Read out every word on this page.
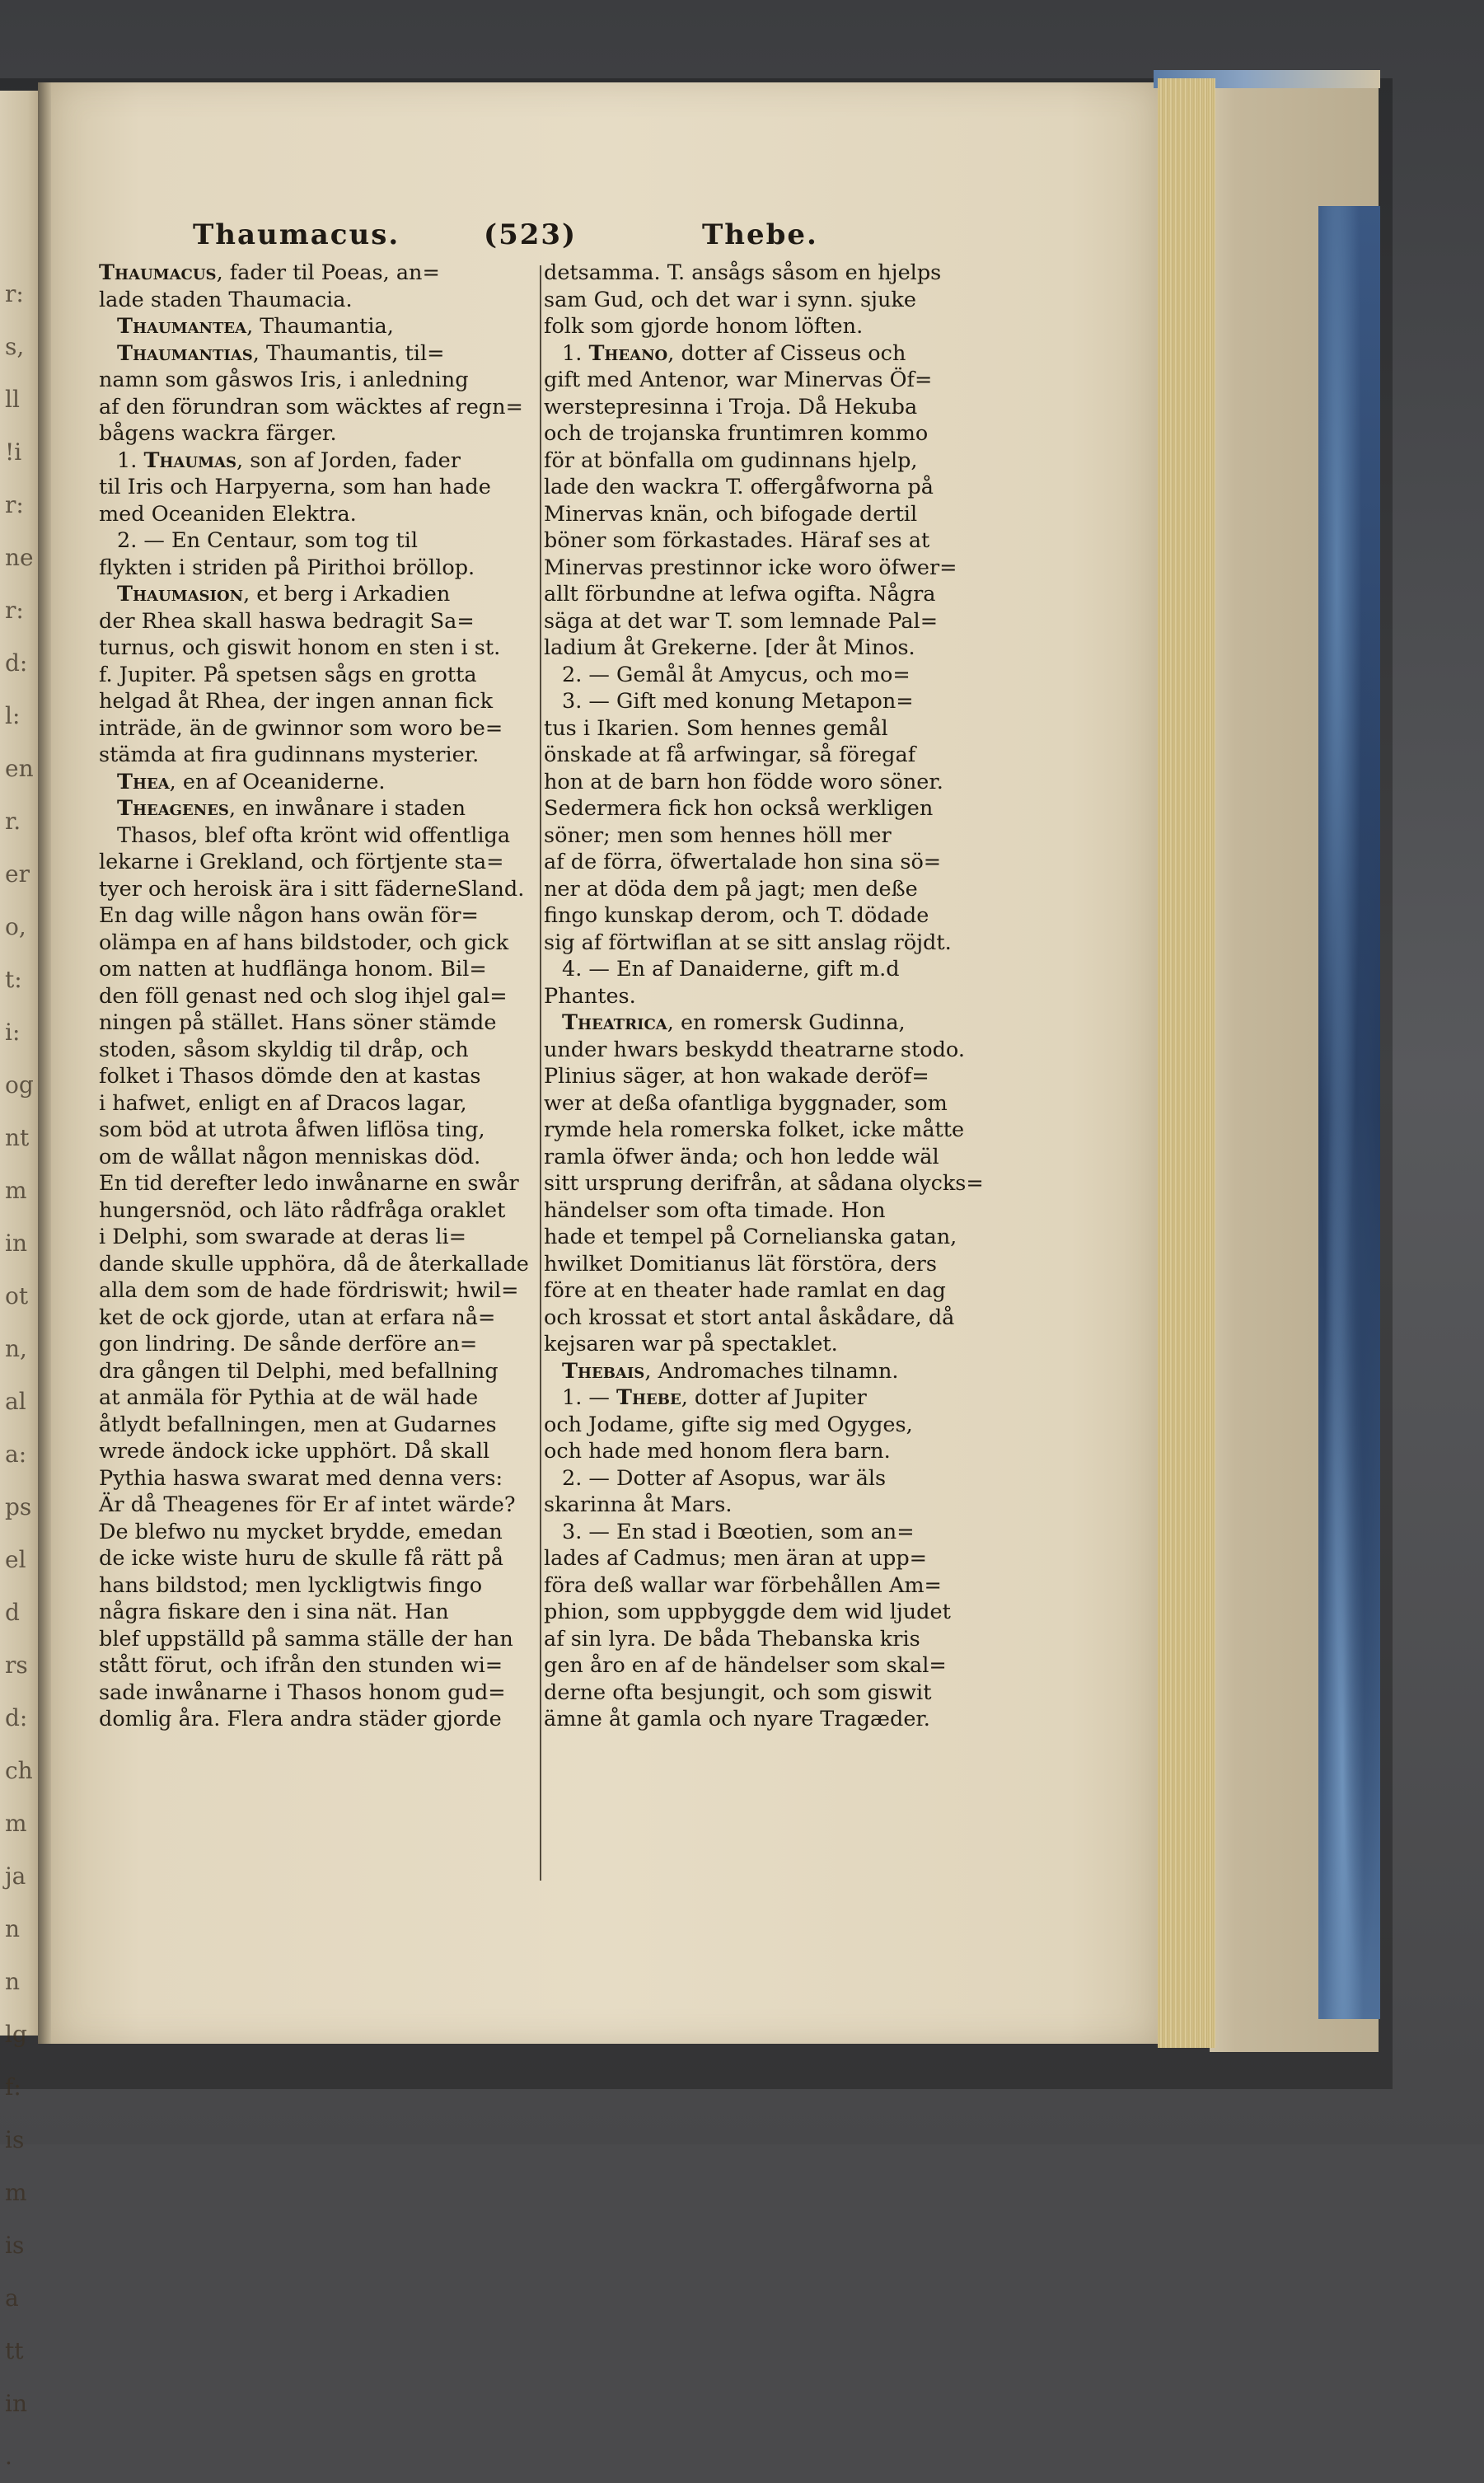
r:
s,
ll
!i
r:
ne
r:
d:
l:
en
r.
er
o,
t:
i:
og
nt
m
in
ot
n,
al
a:
ps
el
d
rs
d:
ch
m
ja
n
n
lg
f:
is
m
is
a
tt
in
.
Thaumacus.	(523)	Thebe.

Thaumacus, fader til Poeas, an=

lade staden Thaumacia.

Thaumantea, Thaumantia,

Thaumantias, Thaumantis, til=

namn som gåswos Iris, i anledning

af den förundran som wäcktes af regn=

bågens wackra färger.

1. Thaumas, son af Jorden, fader

til Iris och Harpyerna, som han hade

med Oceaniden Elektra.

2. — En Centaur, som tog til

flykten i striden på Pirithoi bröllop.

Thaumasion, et berg i Arkadien

der Rhea skall haswa bedragit Sa=

turnus, och giswit honom en sten i st.

f. Jupiter. På spetsen sågs en grotta

helgad åt Rhea, der ingen annan fick

inträde, än de gwinnor som woro be=

stämda at fira gudinnans mysterier.

Thea, en af Oceaniderne.

Theagenes, en inwånare i staden

Thasos, blef ofta krönt wid offentliga

lekarne i Grekland, och förtjente sta=

tyer och heroisk ära i sitt fäderneSland.

En dag wille någon hans owän för=

olämpa en af hans bildstoder, och gick

om natten at hudflänga honom. Bil=

den föll genast ned och slog ihjel gal=

ningen på stället. Hans söner stämde

stoden, såsom skyldig til dråp, och

folket i Thasos dömde den at kastas

i hafwet, enligt en af Dracos lagar,

som böd at utrota åfwen liflösa ting,

om de wållat någon menniskas död.

En tid derefter ledo inwånarne en swår

hungersnöd, och läto rådfråga oraklet

i Delphi, som swarade at deras li=

dande skulle upphöra, då de återkallade

alla dem som de hade fördriswit; hwil=

ket de ock gjorde, utan at erfara nå=

gon lindring. De sånde derföre an=

dra gången til Delphi, med befallning

at anmäla för Pythia at de wäl hade

åtlydt befallningen, men at Gudarnes

wrede ändock icke upphört. Då skall

Pythia haswa swarat med denna vers:

Är då Theagenes för Er af intet wärde?

De blefwo nu mycket brydde, emedan

de icke wiste huru de skulle få rätt på

hans bildstod; men lyckligtwis fingo

några fiskare den i sina nät. Han

blef uppställd på samma ställe der han

stått förut, och ifrån den stunden wi=

sade inwånarne i Thasos honom gud=

domlig åra. Flera andra städer gjorde

detsamma. T. ansågs såsom en hjelps

sam Gud, och det war i synn. sjuke

folk som gjorde honom löften.

1. Theano, dotter af Cisseus och

gift med Antenor, war Minervas Öf=

werstepresinna i Troja. Då Hekuba

och de trojanska fruntimren kommo

för at bönfalla om gudinnans hjelp,

lade den wackra T. offergåfworna på

Minervas knän, och bifogade dertil

böner som förkastades. Häraf ses at

Minervas prestinnor icke woro öfwer=

allt förbundne at lefwa ogifta. Några

säga at det war T. som lemnade Pal=

ladium åt Grekerne. [der åt Minos.

2. — Gemål åt Amycus, och mo=

3. — Gift med konung Metapon=

tus i Ikarien. Som hennes gemål

önskade at få arfwingar, så föregaf

hon at de barn hon födde woro söner.

Sedermera fick hon också werkligen

söner; men som hennes höll mer

af de förra, öfwertalade hon sina sö=

ner at döda dem på jagt; men deße

fingo kunskap derom, och T. dödade

sig af förtwiflan at se sitt anslag röjdt.

4. — En af Danaiderne, gift m.d

Phantes.

Theatrica, en romersk Gudinna,

under hwars beskydd theatrarne stodo.

Plinius säger, at hon wakade deröf=

wer at deßa ofantliga byggnader, som

rymde hela romerska folket, icke måtte

ramla öfwer ända; och hon ledde wäl

sitt ursprung derifrån, at sådana olycks=

händelser som ofta timade. Hon

hade et tempel på Cornelianska gatan,

hwilket Domitianus lät förstöra, ders

före at en theater hade ramlat en dag

och krossat et stort antal åskådare, då

kejsaren war på spectaklet.

Thebais, Andromaches tilnamn.

1. — Thebe, dotter af Jupiter

och Jodame, gifte sig med Ogyges,

och hade med honom flera barn.

2. — Dotter af Asopus, war äls

skarinna åt Mars.

3. — En stad i Bœotien, som an=

lades af Cadmus; men äran at upp=

föra deß wallar war förbehållen Am=

phion, som uppbyggde dem wid ljudet

af sin lyra. De båda Thebanska kris

gen åro en af de händelser som skal=

derne ofta besjungit, och som giswit

ämne åt gamla och nyare Tragæder.
